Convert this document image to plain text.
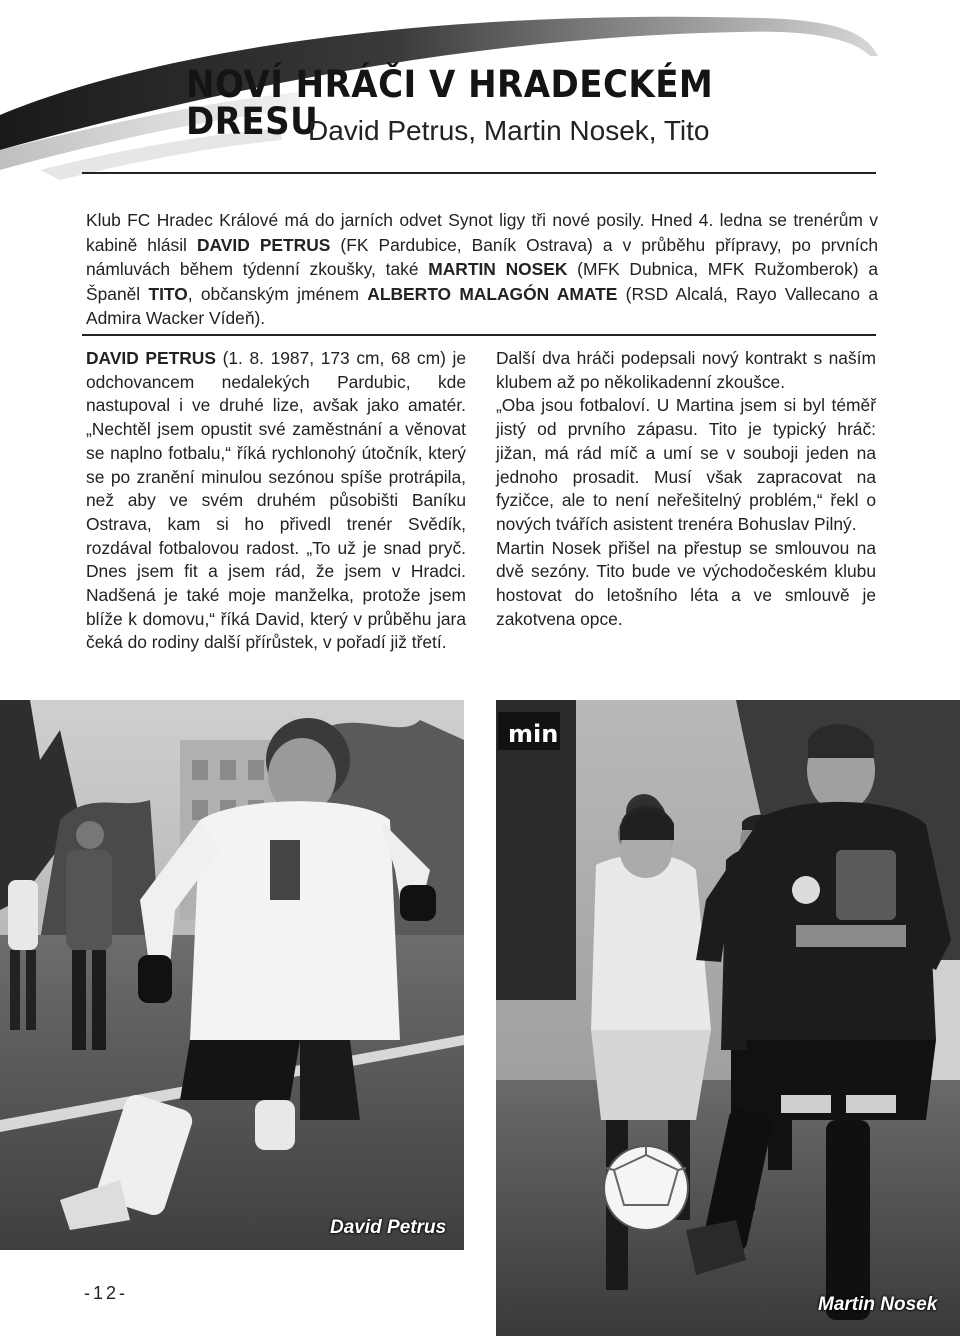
NOVÍ HRÁČI V HRADECKÉM DRESU

David Petrus, Martin Nosek, Tito

Klub FC Hradec Králové má do jarních odvet Synot ligy tři nové posily. Hned 4. ledna se trenérům v kabině hlásil DAVID PETRUS (FK Pardubice, Baník Ostrava) a v průběhu přípravy, po prvních námluvách během týdenní zkoušky, také MARTIN NOSEK (MFK Dubnica, MFK Ružomberok) a Španěl TITO, občanským jménem ALBERTO MALAGÓN AMATE (RSD Alcalá, Rayo Vallecano a Admira Wacker Vídeň).

DAVID PETRUS (1. 8. 1987, 173 cm, 68 cm) je odchovancem nedalekých Pardubic, kde nastupoval i ve druhé lize, avšak jako amatér. „Nechtěl jsem opustit své zaměstnání a věnovat se naplno fotbalu,“ říká rychlonohý útočník, který se po zranění minulou sezónou spíše protrápila, než aby ve svém druhém působišti Baníku Ostrava, kam si ho přivedl trenér Svědík, rozdával fotbalovou radost. „To už je snad pryč. Dnes jsem fit a jsem rád, že jsem v Hradci. Nadšená je také moje manželka, protože jsem blíže k domovu,“ říká David, který v průběhu jara čeká do rodiny další přírůstek, v pořadí již třetí.

Další dva hráči podepsali nový kontrakt s naším klubem až po několikadenní zkoušce.

„Oba jsou fotbaloví. U Martina jsem si byl téměř jistý od prvního zápasu. Tito je typický hráč: jižan, má rád míč a umí se v souboji jeden na jednoho prosadit. Musí však zapracovat na fyzičce, ale to není neřešitelný problém,“ řekl o nových tvářích asistent trenéra Bohuslav Pilný.

Martin Nosek přišel na přestup se smlouvou na dvě sezóny. Tito bude ve východočeském klubu hostovat do letošního léta a ve smlouvě je zakotvena opce.

David Petrus
min
Martin Nosek
-12-
